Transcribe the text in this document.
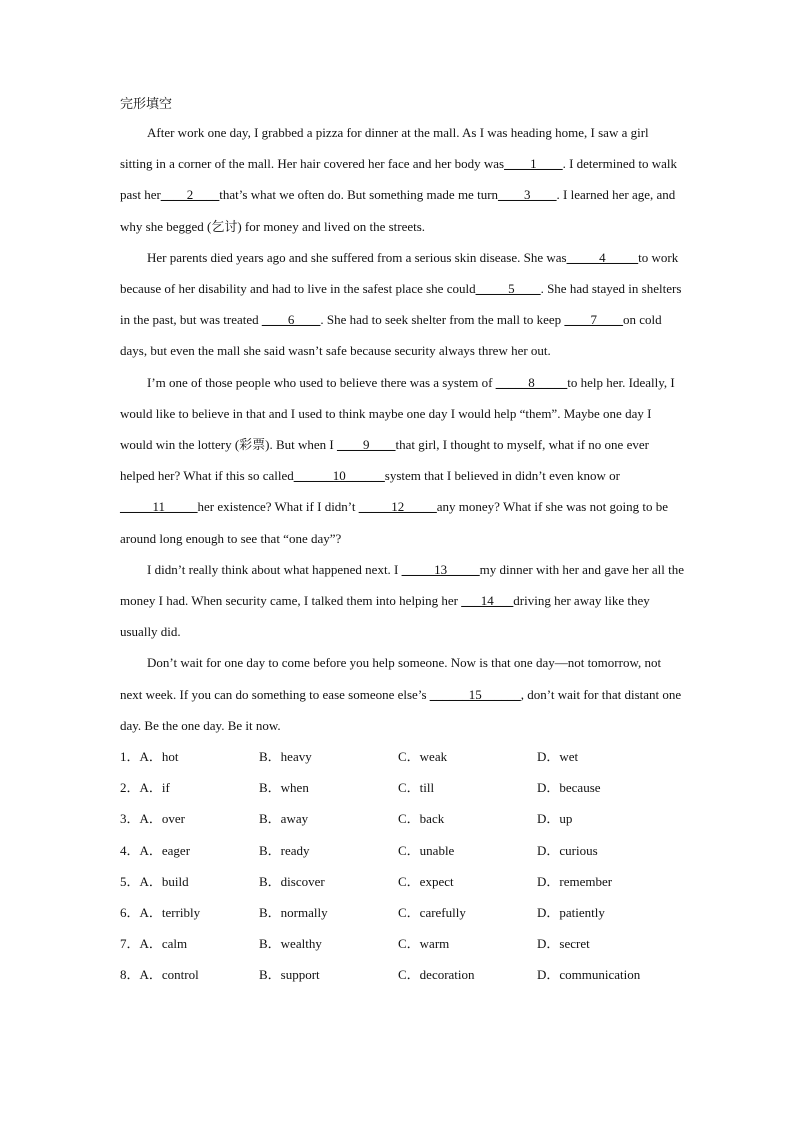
完形填空

After work one day, I grabbed a pizza for dinner at the mall. As I was heading home, I saw a girl sitting in a corner of the mall. Her hair covered her face and her body was____1____. I determined to walk past her____2____that’s what we often do. But something made me turn____3____. I learned her age, and why she begged (乞讨) for money and lived on the streets.

Her parents died years ago and she suffered from a serious skin disease. She was_____4_____to work because of her disability and had to live in the safest place she could_____5____. She had stayed in shelters in the past, but was treated ____6____. She had to seek shelter from the mall to keep ____7____on cold days, but even the mall she said wasn’t safe because security always threw her out.

I’m one of those people who used to believe there was a system of _____8_____to help her. Ideally, I would like to believe in that and I used to think maybe one day I would help “them”. Maybe one day I would win the lottery (彩票). But when I ____9____that girl, I thought to myself, what if no one ever helped her? What if this so called______10______system that I believed in didn’t even know or _____11_____her existence? What if I didn’t _____12_____any money? What if she was not going to be around long enough to see that “one day”?

I didn’t really think about what happened next. I _____13_____my dinner with her and gave her all the money I had. When security came, I talked them into helping her ___14___driving her away like they usually did.

Don’t wait for one day to come before you help someone. Now is that one day—not tomorrow, not next week. If you can do something to ease someone else’s ______15______, don’t wait for that distant one day. Be the one day. Be it now.

1．A．hot	B．heavy	C．weak	D．wet
2．A．if	B．when	C．till	D．because
3．A．over	B．away	C．back	D．up
4．A．eager	B．ready	C．unable	D．curious
5．A．build	B．discover	C．expect	D．remember
6．A．terribly	B．normally	C．carefully	D．patiently
7．A．calm	B．wealthy	C．warm	D．secret
8．A．control	B．support	C．decoration	D．communication
